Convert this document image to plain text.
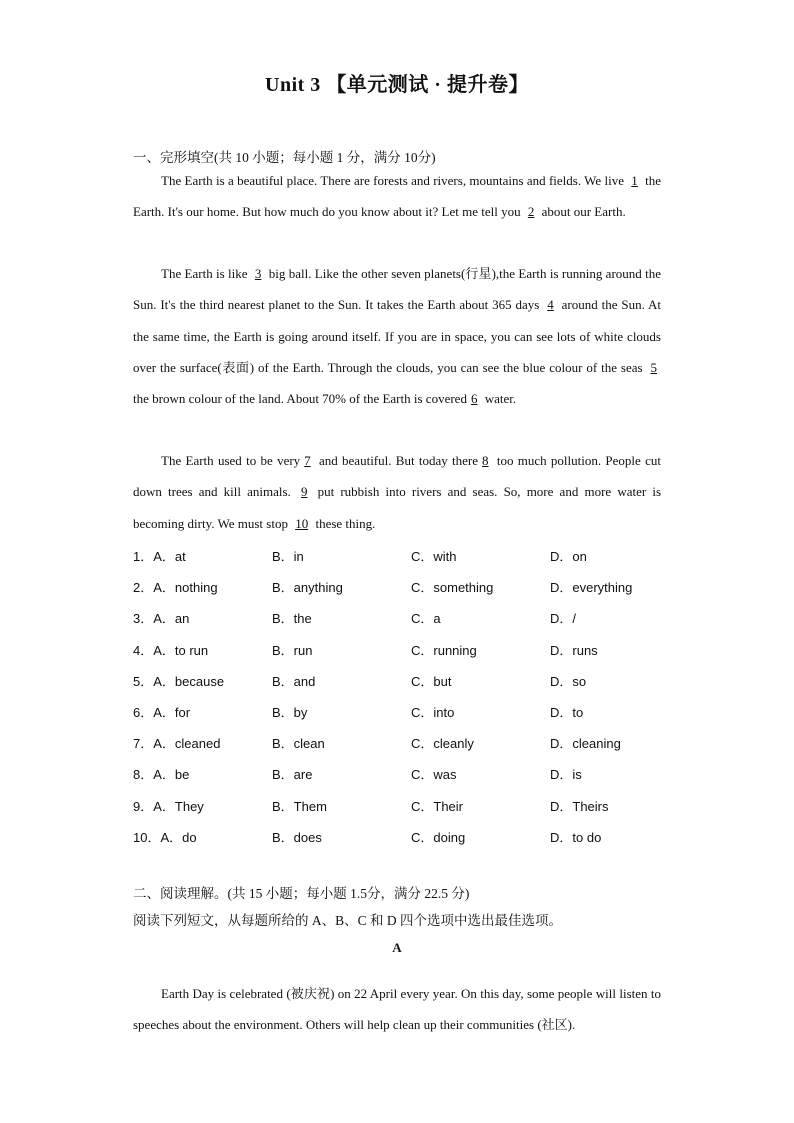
Unit 3 【单元测试 · 提升卷】
一、完形填空(共 10 小题；每小题 1 分，满分 10分)
The Earth is a beautiful place. There are forests and rivers, mountains and fields. We live 1 the Earth. It's our home. But how much do you know about it? Let me tell you 2 about our Earth.
The Earth is like 3 big ball. Like the other seven planets(行星),the Earth is running around the Sun. It's the third nearest planet to the Sun. It takes the Earth about 365 days 4 around the Sun. At the same time, the Earth is going around itself. If you are in space, you can see lots of white clouds over the surface(表面) of the Earth. Through the clouds, you can see the blue colour of the seas 5 the brown colour of the land. About 70% of the Earth is covered 6 water.
The Earth used to be very 7 and beautiful. But today there 8 too much pollution. People cut down trees and kill animals. 9 put rubbish into rivers and seas. So, more and more water is becoming dirty. We must stop 10 these thing.
1．A．at	B．in	C．with	D．on
2．A．nothing	B．anything	C．something	D．everything
3．A．an	B．the	C．a	D．/
4．A．to run	B．run	C．running	D．runs
5．A．because	B．and	C．but	D．so
6．A．for	B．by	C．into	D．to
7．A．cleaned	B．clean	C．cleanly	D．cleaning
8．A．be	B．are	C．was	D．is
9．A．They	B．Them	C．Their	D．Theirs
10．A．do	B．does	C．doing	D．to do
二、阅读理解。(共 15 小题；每小题 1.5分，满分 22.5 分)
阅读下列短文，从每题所给的 A、B、C 和 D 四个选项中选出最佳选项。
A
Earth Day is celebrated (被庆祝) on 22 April every year. On this day, some people will listen to speeches about the environment. Others will help clean up their communities (社区).
